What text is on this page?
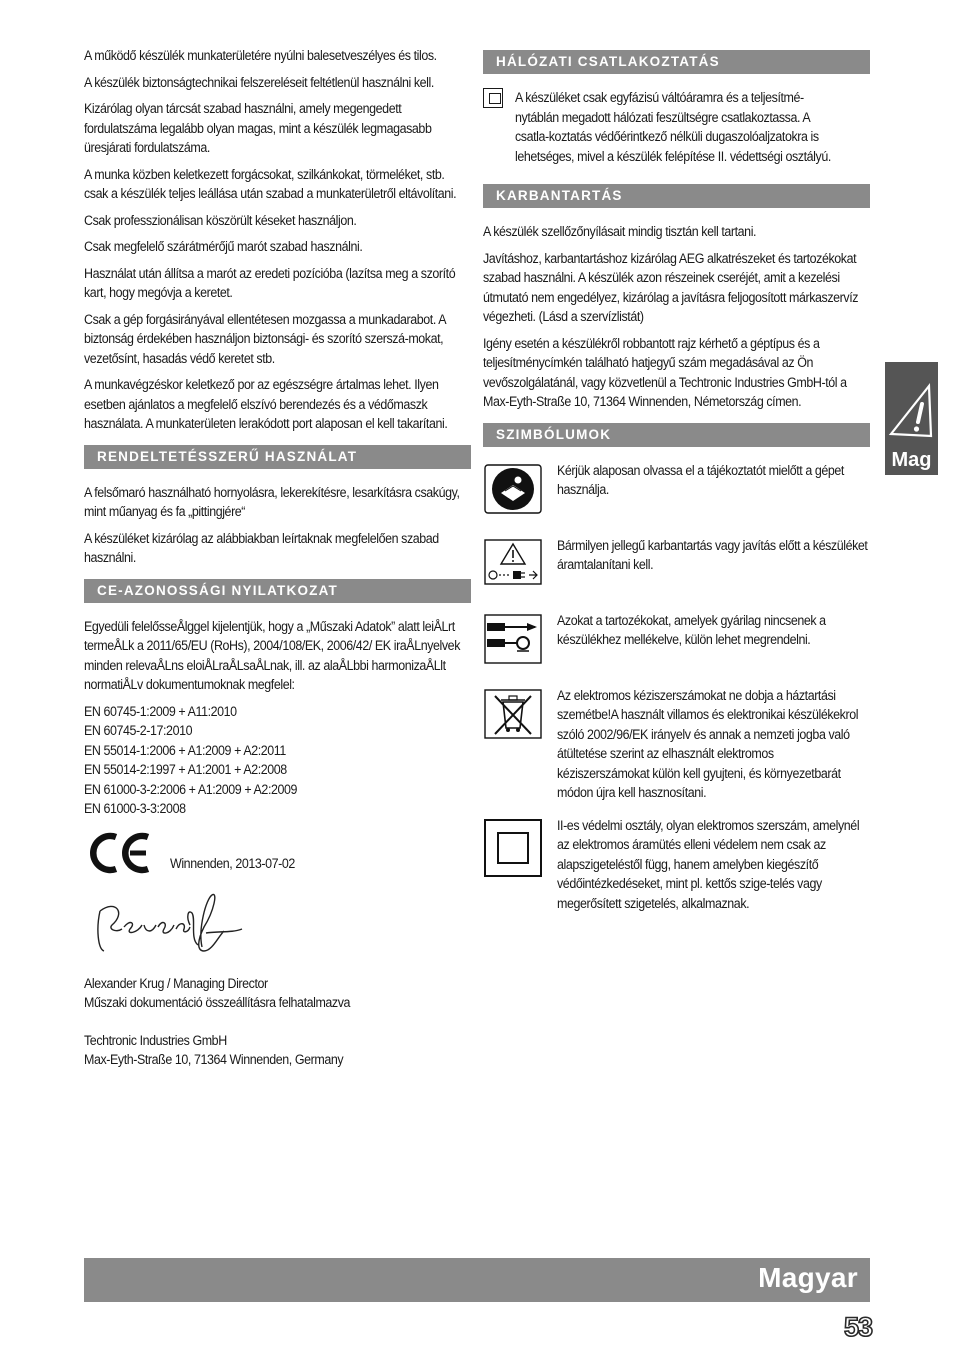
A működő készülék munkaterületére nyúlni balesetveszélyes és tilos.

A készülék biztonságtechnikai felszereléseit feltétlenül használni kell.

Kizárólag olyan tárcsát szabad használni, amely megengedett fordulatszáma legalább olyan magas, mint a készülék legmagasabb üresjárati fordulatszáma.

A munka közben keletkezett forgácsokat, szilkánkokat, törmeléket, stb. csak a készülék teljes leállása után szabad a munkaterületről eltávolítani.

Csak professzionálisan köszörült késeket használjon.

Csak megfelelő szárátmérőjű marót szabad használni.

Használat után állítsa a marót az eredeti pozícióba (lazítsa meg a szorító kart, hogy megóvja a keretet.

Csak a gép forgásirányával ellentétesen mozgassa a munkadarabot. A biztonság érdekében használjon biztonsági- és szorító szerszá-mokat, vezetősínt, hasadás védő keretet stb.

A munkavégzéskor keletkező por az egészségre ártalmas lehet. Ilyen esetben ajánlatos a megfelelő elszívó berendezés és a védőmaszk használata. A munkaterületen lerakódott port alaposan el kell takarítani.

RENDELTETÉSSZERŰ HASZNÁLAT

A felsőmaró használható hornyolásra, lekerekítésre, lesarkításra csakúgy, mint műanyag és fa „pittingjére“

A készüléket kizárólag az alábbiakban leírtaknak megfelelően szabad használni.

CE-AZONOSSÁGI NYILATKOZAT

Egyedüli felelősseÅlggel kijelentjük, hogy a „Műszaki Adatok” alatt leiÅLrt termeÅLk a 2011/65/EU (RoHs), 2004/108/EK, 2006/42/ EK iraÅLnyelvek minden relevaÅLns eloiÅLraÅLsaÅLnak, ill. az alaÅLbbi harmonizaÅLlt normatiÅLv dokumentumoknak megfelel:

EN 60745-1:2009 + A11:2010

EN 60745-2-17:2010

EN 55014-1:2006 + A1:2009 + A2:2011

EN 55014-2:1997 + A1:2001 + A2:2008

EN 61000-3-2:2006 + A1:2009 + A2:2009

EN 61000-3-3:2008

Winnenden, 2013-07-02

Alexander Krug / Managing Director

Műszaki dokumentáció összeállításra felhatalmazva

Techtronic Industries GmbH

Max-Eyth-Straße 10, 71364 Winnenden, Germany

HÁLÓZATI CSATLAKOZTATÁS

A készüléket csak egyfázisú váltóáramra és a teljesítmé-nytáblán megadott hálózati feszültségre csatlakoztassa. A csatla-koztatás védőérintkező nélküli dugaszolóaljzatokra is lehetséges, mivel a készülék felépítése II. védettségi osztályú.

KARBANTARTÁS

A készülék szellőzőnyílásait mindig tisztán kell tartani.

Javításhoz, karbantartáshoz kizárólag AEG alkatrészeket és tartozékokat szabad használni. A készülék azon részeinek cseréjét, amit a kezelési útmutató nem engedélyez, kizárólag a javításra feljogosított márkaszervíz végezheti. (Lásd a szervízlistát)

Igény esetén a készülékről robbantott rajz kérhető a géptípus és a teljesítménycímkén található hatjegyű szám megadásával az Ön vevőszolgálatánál, vagy közvetlenül a Techtronic Industries GmbH-tól a Max-Eyth-Straße 10, 71364 Winnenden, Németország címen.

SZIMBÓLUMOK

Kérjük alaposan olvassa el a tájékoztatót mielőtt a gépet használja.

Bármilyen jellegű karbantartás vagy javítás előtt a készüléket áramtalanítani kell.

Azokat a tartozékokat, amelyek gyárilag nincsenek a készülékhez mellékelve, külön lehet megrendelni.

Az elektromos kéziszerszámokat ne dobja a háztartási szemétbe!A használt villamos és elektronikai készülékekrol szóló 2002/96/EK irányelv és annak a nemzeti jogba való átültetése szerint az elhasznált elektromos kéziszerszámokat külön kell gyujteni, és környezetbarát módon újra kell hasznosítani.

II-es védelmi osztály, olyan elektromos szerszám, amelynél az elektromos áramütés elleni védelem nem csak az alapszigeteléstől függ, hanem amelyben kiegészítő védőintézkedéseket, mint pl. kettős szige-telés vagy megerősített szigetelés, alkalmaznak.

Mag
Magyar
53
